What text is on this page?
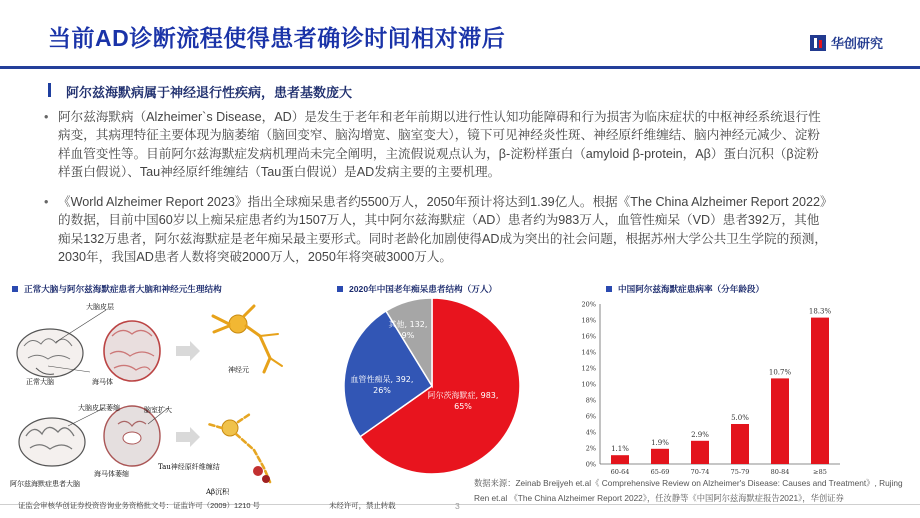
当前AD诊断流程使得患者确诊时间相对滞后	华创研究
阿尔兹海默病属于神经退行性疾病，患者基数庞大
• 阿尔兹海默病（Alzheimer`s Disease，AD）是发生于老年和老年前期以进行性认知功能障碍和行为损害为临床症状的中枢神经系统退行性病变，其病理特征主要体现为脑萎缩（脑回变窄、脑沟增宽、脑室变大），镜下可见神经炎性斑、神经原纤维缠结、脑内神经元减少、淀粉样血管变性等。目前阿尔兹海默症发病机理尚未完全阐明，主流假说观点认为，β-淀粉样蛋白（amyloid β-protein，Aβ）蛋白沉积（β淀粉样蛋白假说）、Tau神经原纤维缠结（Tau蛋白假说）是AD发病主要的主要机理。
• 《World Alzheimer Report 2023》指出全球痴呆患者约5500万人，2050年预计将达到1.39亿人。根据《The China Alzheimer Report 2022》的数据，目前中国60岁以上痴呆症患者约为1507万人，其中阿尔兹海默症（AD）患者约为983万人，血管性痴呆（VD）患者392万，其他痴呆132万患者，阿尔兹海默症是老年痴呆最主要形式。同时老龄化加剧使得AD成为突出的社会问题，根据苏州大学公共卫生学院的预测，2030年，我国AD患者人数将突破2000万人，2050年将突破3000万人。
正常大脑与阿尔兹海默症患者大脑和神经元生理结构
大脑皮层
正常大脑	海马体
神经元
大脑皮层萎缩	脑室扩大
海马体萎缩
Tau神经原纤维缠结
Aβ沉积
阿尔兹海默症患者大脑
2020年中国老年痴呆患者结构（万人）
阿尔茨海默症, 983,
65%
血管性痴呆, 392,
26%
其他, 132,
9%
中国阿尔兹海默症患病率（分年龄段）
0%
2%
4%
6%
8%
10%
12%
14%
16%
18%
20%
1.1%
60-64
1.9%
65-69
2.9%
70-74
5.0%
75-79
10.7%
80-84
18.3%
≥85
数据来源：Zeinab Breijyeh et.al《 Comprehensive Review on Alzheimer's Disease: Causes and Treatment》, Rujing Ren et.al 《The China Alzheimer Report 2022》，任汝静等《中国阿尔兹海默症报告2021》，华创证券
证监会审核华创证券投资咨询业务资格批文号：证监许可（2009）1210 号	未经许可，禁止转载	3
